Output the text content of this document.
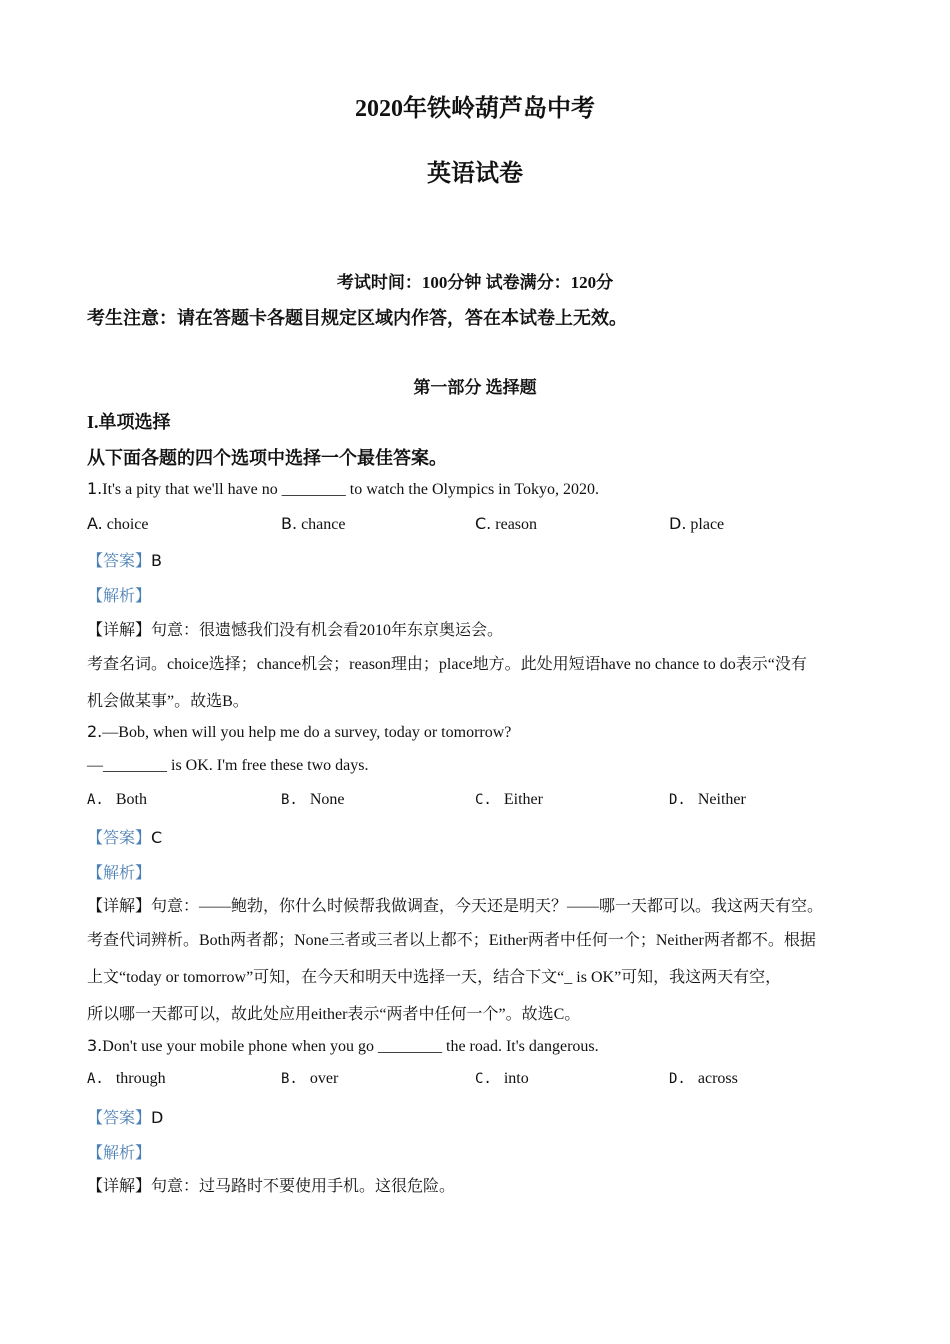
2020年铁岭葫芦岛中考
英语试卷
考试时间：100分钟 试卷满分：120分
考生注意：请在答题卡各题目规定区域内作答，答在本试卷上无效。
第一部分 选择题
I.单项选择
从下面各题的四个选项中选择一个最佳答案。
1.It's a pity that we'll have no ________ to watch the Olympics in Tokyo, 2020.
A. choice	B. chance	C. reason	D. place
【答案】B
【解析】
【详解】句意：很遗憾我们没有机会看2010年东京奥运会。
考查名词。choice选择；chance机会；reason理由；place地方。此处用短语have no chance to do表示“没有
机会做某事”。故选B。
2.—Bob, when will you help me do a survey, today or tomorrow?
—________ is OK. I'm free these two days.
A. Both	B. None	C. Either	D. Neither
【答案】C
【解析】
【详解】句意：——鲍勃，你什么时候帮我做调查，今天还是明天？——哪一天都可以。我这两天有空。
考查代词辨析。Both两者都；None三者或三者以上都不；Either两者中任何一个；Neither两者都不。根据
上文“today or tomorrow”可知，在今天和明天中选择一天，结合下文“_ is OK”可知，我这两天有空，
所以哪一天都可以，故此处应用either表示“两者中任何一个”。故选C。
3.Don't use your mobile phone when you go ________ the road. It's dangerous.
A. through	B. over	C. into	D. across
【答案】D
【解析】
【详解】句意：过马路时不要使用手机。这很危险。
